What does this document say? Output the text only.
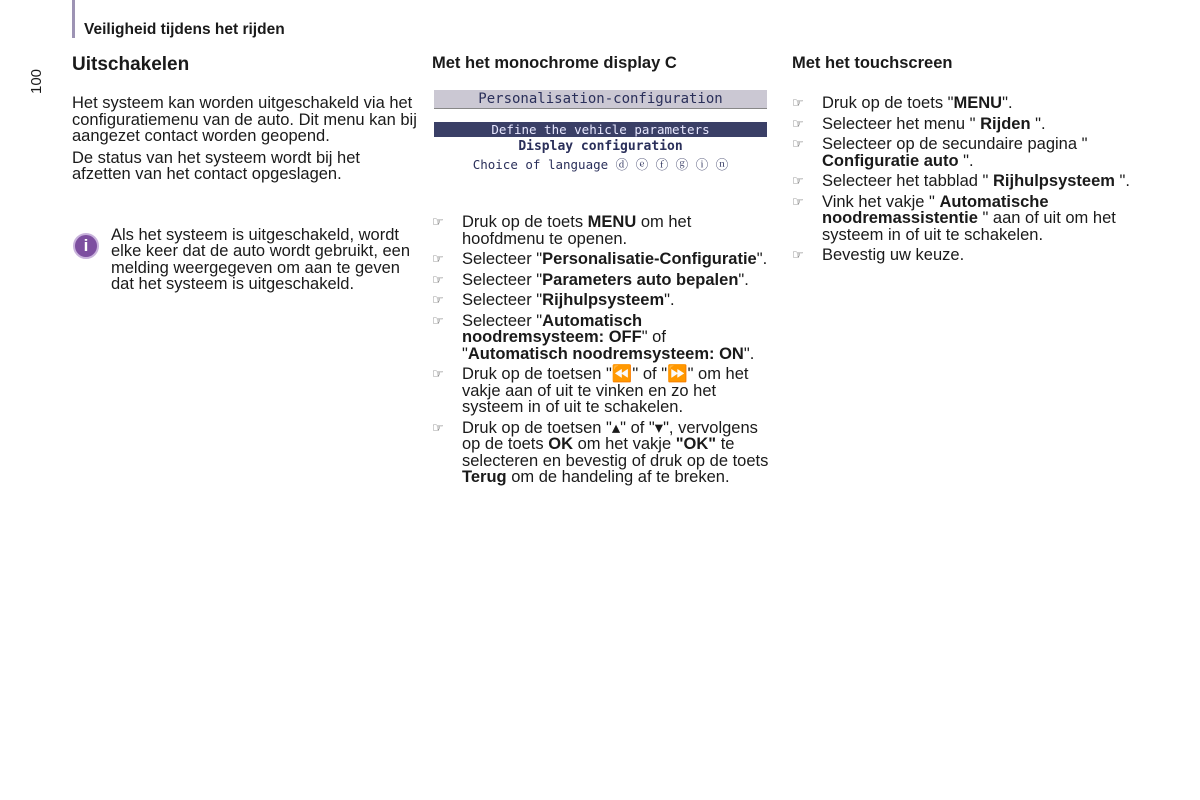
Veiligheid tijdens het rijden
100
Uitschakelen

Het systeem kan worden uitgeschakeld via het configuratiemenu van de auto. Dit menu kan bij aangezet contact worden geopend.

De status van het systeem wordt bij het afzetten van het contact opgeslagen.

i

Als het systeem is uitgeschakeld, wordt elke keer dat de auto wordt gebruikt, een melding weergegeven om aan te geven dat het systeem is uitgeschakeld.

Met het monochrome display C
Personalisation-configuration
Define the vehicle parameters
Display configuration
Choice of language ⓓ ⓔ ⓕ ⓖ ⓘ ⓝ
☞ Druk op de toets MENU om het hoofdmenu te openen.
☞ Selecteer "Personalisatie-Configuratie".
☞ Selecteer "Parameters auto bepalen".
☞ Selecteer "Rijhulpsysteem".
☞ Selecteer "Automatisch noodremsysteem: OFF" of "Automatisch noodremsysteem: ON".
☞ Druk op de toetsen "⏪" of "⏩" om het vakje aan of uit te vinken en zo het systeem in of uit te schakelen.
☞ Druk op de toetsen "▴" of "▾", vervolgens op de toets OK om het vakje "OK" te selecteren en bevestig of druk op de toets Terug om de handeling af te breken.
Met het touchscreen
☞ Druk op de toets "MENU".
☞ Selecteer het menu " Rijden ".
☞ Selecteer op de secundaire pagina " Configuratie auto ".
☞ Selecteer het tabblad " Rijhulpsysteem ".
☞ Vink het vakje " Automatische noodremassistentie " aan of uit om het systeem in of uit te schakelen.
☞ Bevestig uw keuze.
